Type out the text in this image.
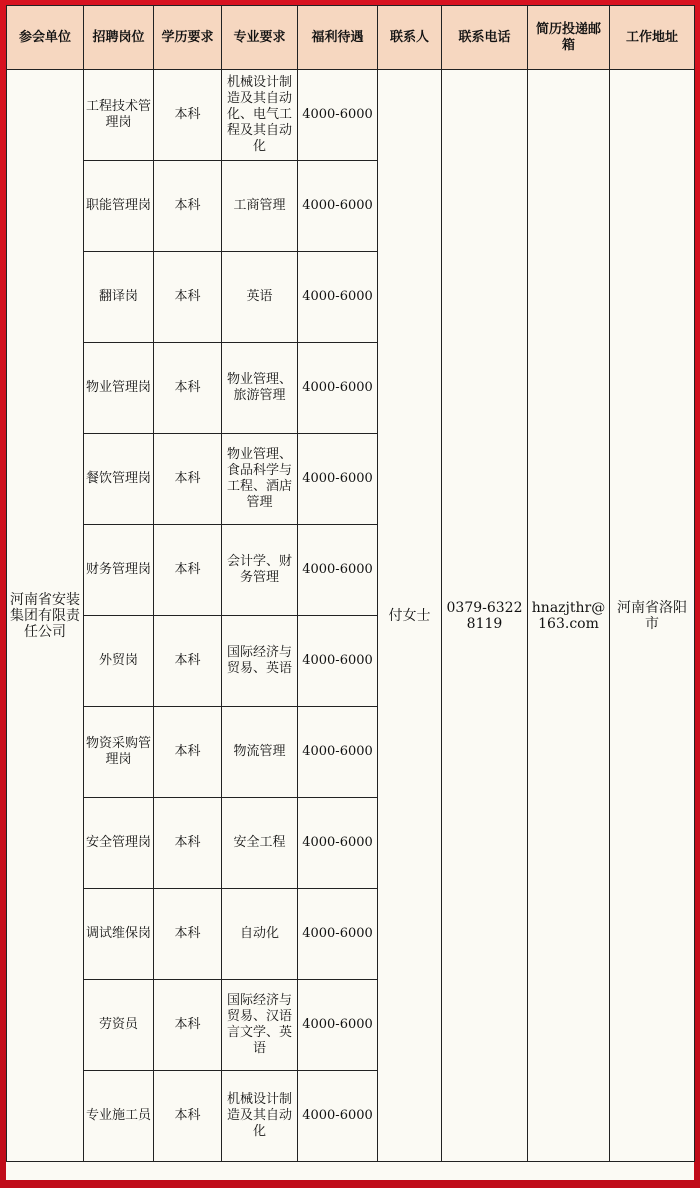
参会单位	招聘岗位	学历要求	专业要求	福利待遇	联系人	联系电话	简历投递邮箱	工作地址
河南省安装集团有限责任公司	工程技术管理岗	本科	机械设计制造及其自动化、电气工程及其自动化	4000-6000	付女士	0379-63228119	hnazjthr@163.com	河南省洛阳市
	职能管理岗	本科	工商管理	4000-6000				
	翻译岗	本科	英语	4000-6000				
	物业管理岗	本科	物业管理、旅游管理	4000-6000				
	餐饮管理岗	本科	物业管理、食品科学与工程、酒店管理	4000-6000				
	财务管理岗	本科	会计学、财务管理	4000-6000				
	外贸岗	本科	国际经济与贸易、英语	4000-6000				
	物资采购管理岗	本科	物流管理	4000-6000				
	安全管理岗	本科	安全工程	4000-6000				
	调试维保岗	本科	自动化	4000-6000				
	劳资员	本科	国际经济与贸易、汉语言文学、英语	4000-6000				
	专业施工员	本科	机械设计制造及其自动化	4000-6000				
